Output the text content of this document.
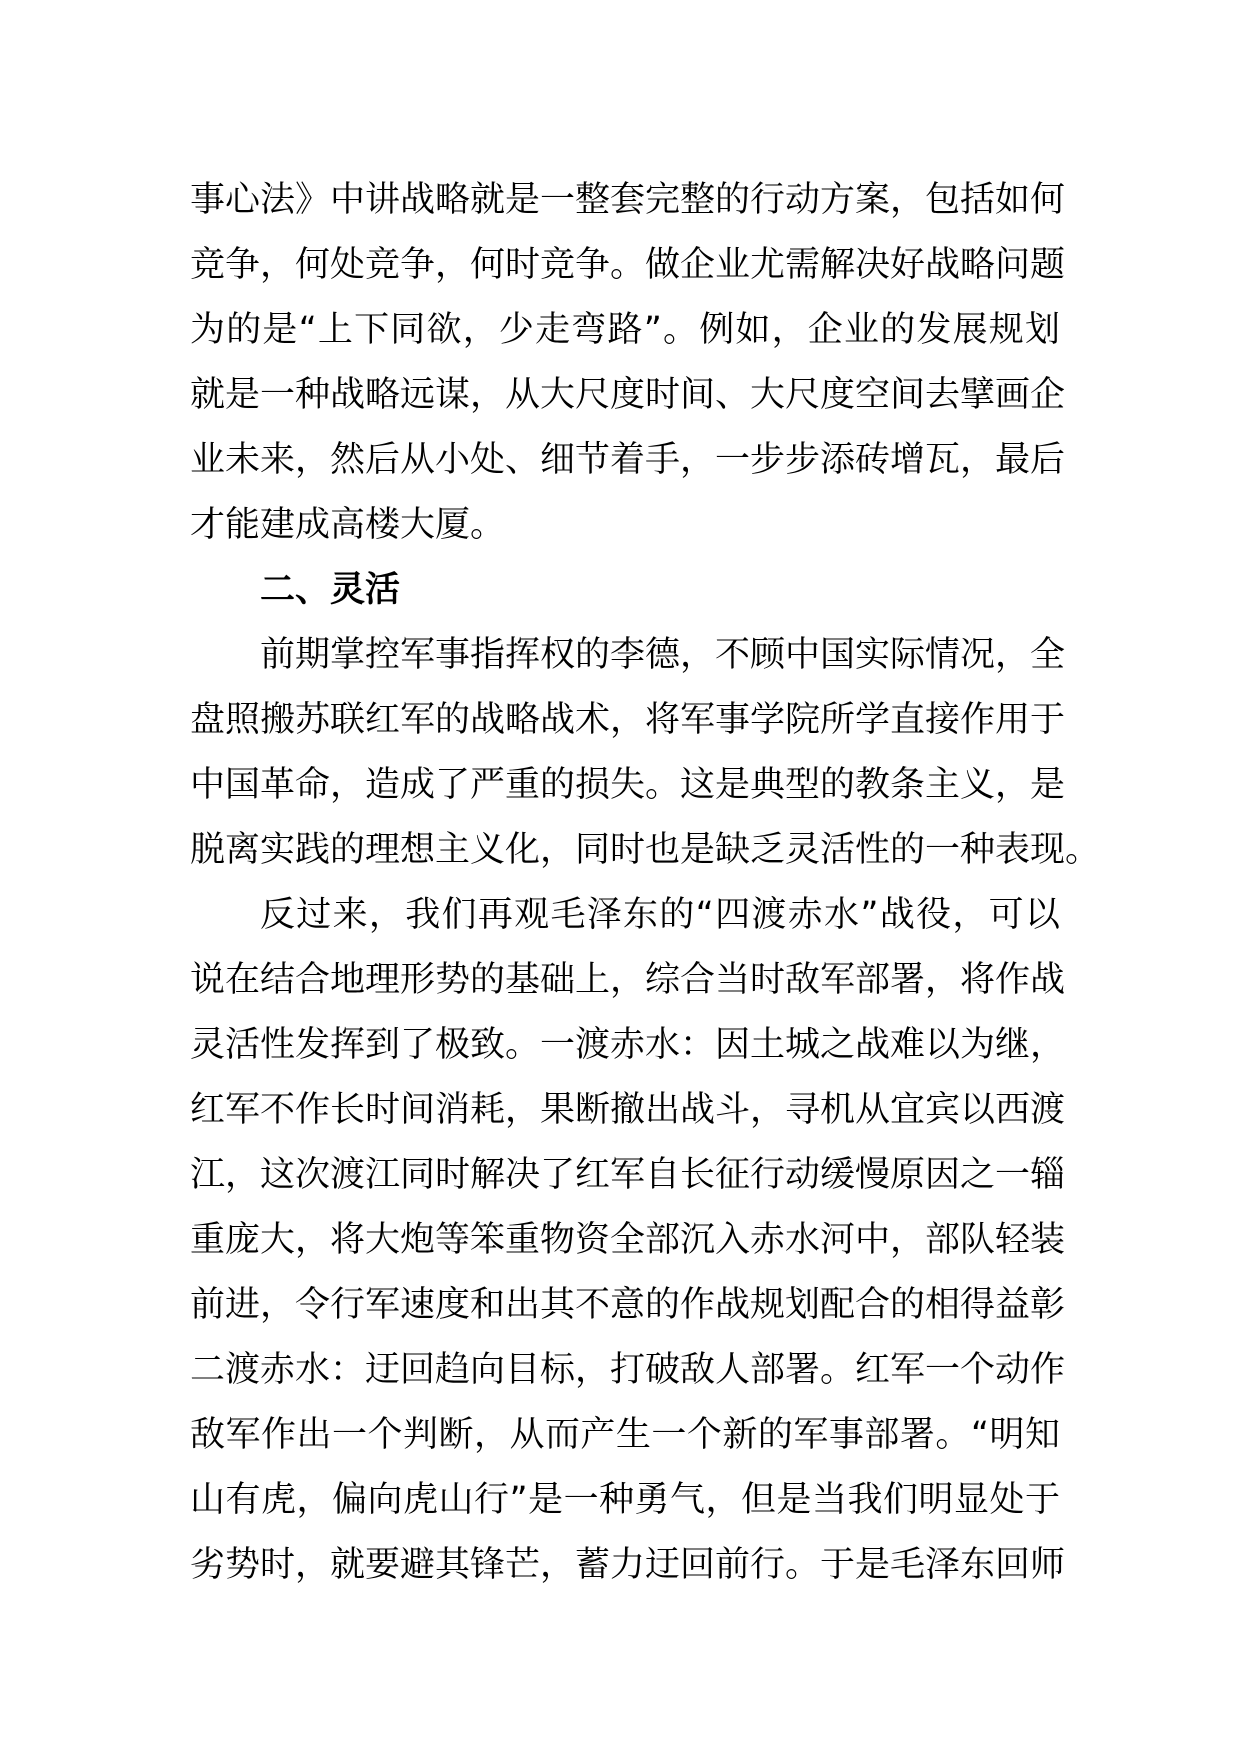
事心法》中讲战略就是一整套完整的行动方案，包括如何
竞争，何处竞争，何时竞争。做企业尤需解决好战略问题
为的是“上下同欲，少走弯路”。例如，企业的发展规划
就是一种战略远谋，从大尺度时间、大尺度空间去擘画企
业未来，然后从小处、细节着手，一步步添砖增瓦，最后
才能建成高楼大厦。
二、灵活
前期掌控军事指挥权的李德，不顾中国实际情况，全
盘照搬苏联红军的战略战术，将军事学院所学直接作用于
中国革命，造成了严重的损失。这是典型的教条主义，是
脱离实践的理想主义化，同时也是缺乏灵活性的一种表现。
反过来，我们再观毛泽东的“四渡赤水”战役，可以
说在结合地理形势的基础上，综合当时敌军部署，将作战
灵活性发挥到了极致。一渡赤水：因土城之战难以为继，
红军不作长时间消耗，果断撤出战斗，寻机从宜宾以西渡
江，这次渡江同时解决了红军自长征行动缓慢原因之一辎
重庞大，将大炮等笨重物资全部沉入赤水河中，部队轻装
前进，令行军速度和出其不意的作战规划配合的相得益彰
二渡赤水：迂回趋向目标，打破敌人部署。红军一个动作
敌军作出一个判断，从而产生一个新的军事部署。“明知
山有虎，偏向虎山行”是一种勇气，但是当我们明显处于
劣势时，就要避其锋芒，蓄力迂回前行。于是毛泽东回师
